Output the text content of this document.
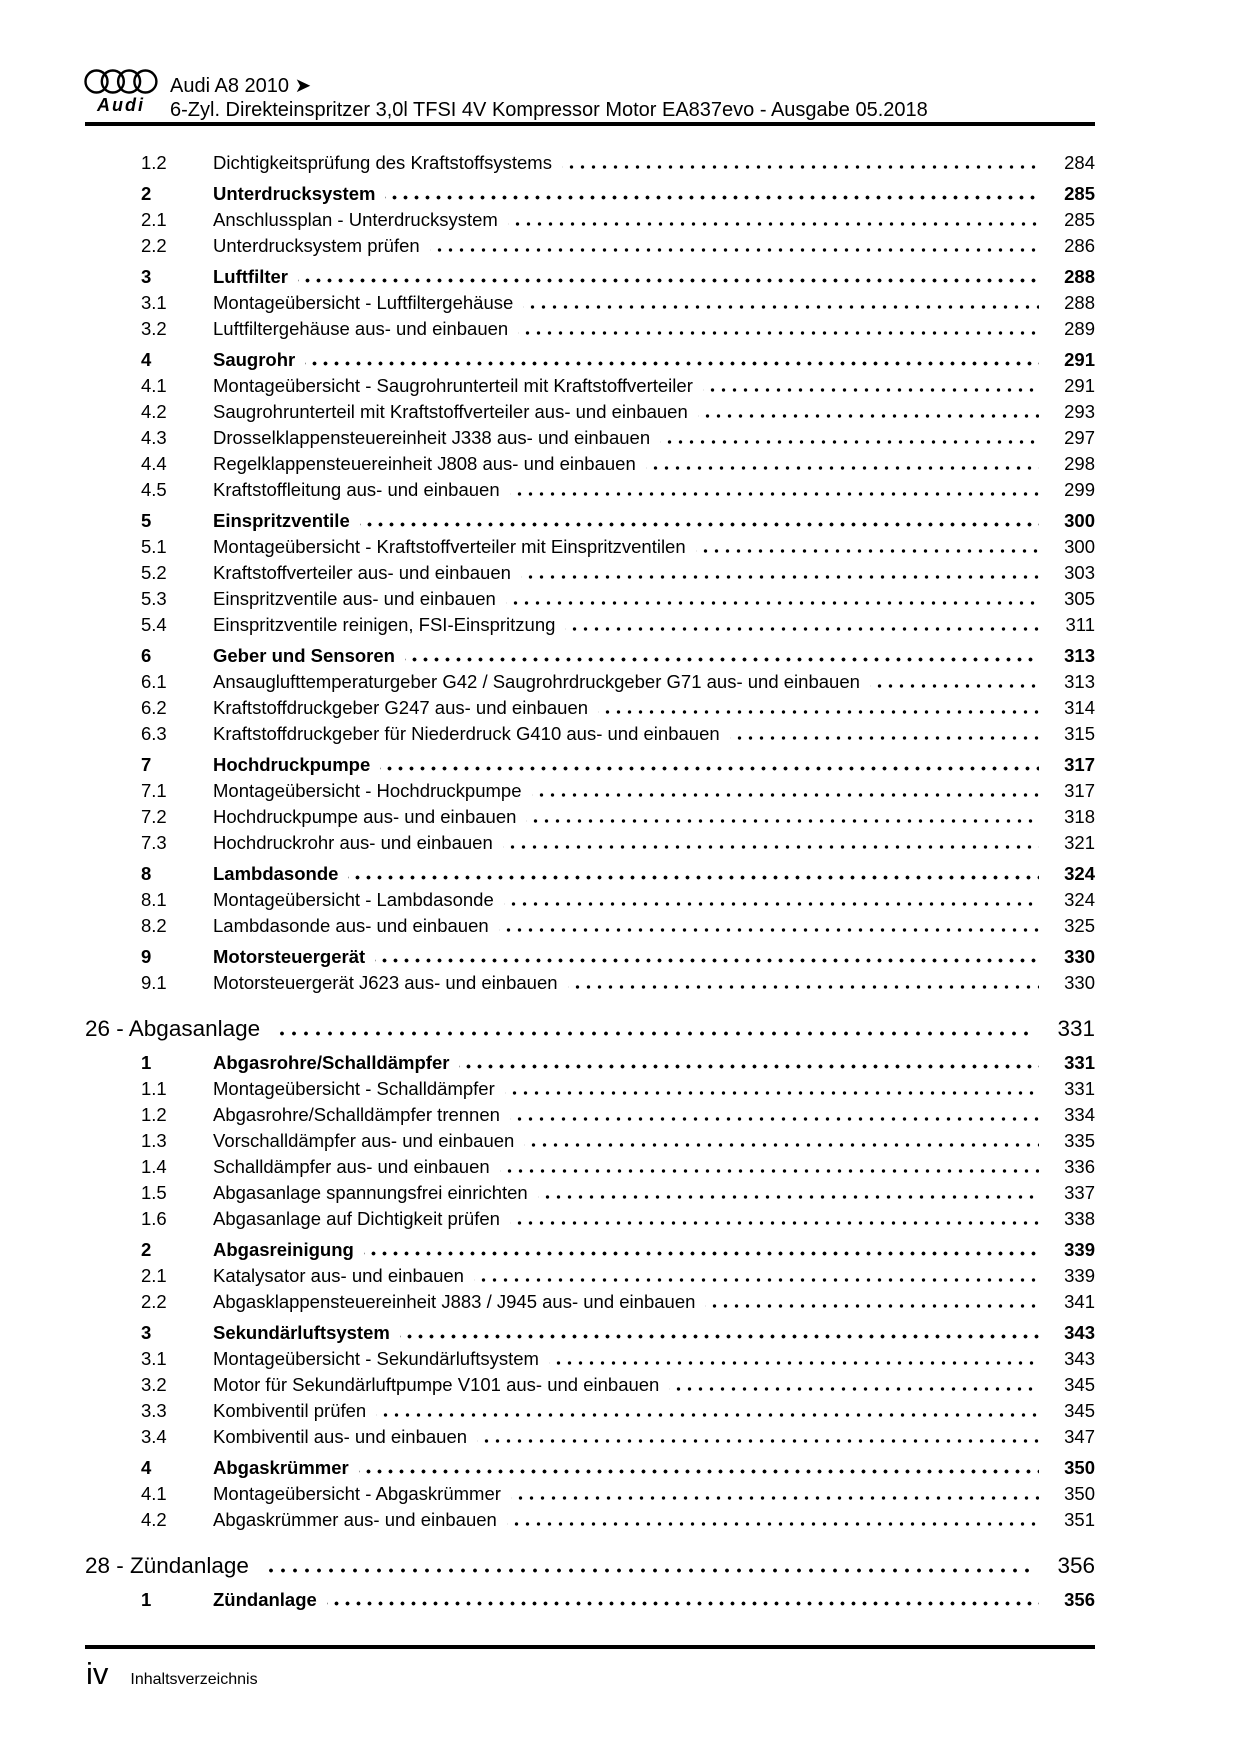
Audi
Audi A8 2010 ➤
6-Zyl. Direkteinspritzer 3,0l TFSI 4V Kompressor Motor EA837evo - Ausgabe 05.2018
1.2	Dichtigkeitsprüfung des Kraftstoffsystems	284
2	Unterdrucksystem	285
2.1	Anschlussplan - Unterdrucksystem	285
2.2	Unterdrucksystem prüfen	286
3	Luftfilter	288
3.1	Montageübersicht - Luftfiltergehäuse	288
3.2	Luftfiltergehäuse aus- und einbauen	289
4	Saugrohr	291
4.1	Montageübersicht - Saugrohrunterteil mit Kraftstoffverteiler	291
4.2	Saugrohrunterteil mit Kraftstoffverteiler aus- und einbauen	293
4.3	Drosselklappensteuereinheit J338 aus- und einbauen	297
4.4	Regelklappensteuereinheit J808 aus- und einbauen	298
4.5	Kraftstoffleitung aus- und einbauen	299
5	Einspritzventile	300
5.1	Montageübersicht - Kraftstoffverteiler mit Einspritzventilen	300
5.2	Kraftstoffverteiler aus- und einbauen	303
5.3	Einspritzventile aus- und einbauen	305
5.4	Einspritzventile reinigen, FSI-Einspritzung	311
6	Geber und Sensoren	313
6.1	Ansauglufttemperaturgeber G42 / Saugrohrdruckgeber G71 aus- und einbauen	313
6.2	Kraftstoffdruckgeber G247 aus- und einbauen	314
6.3	Kraftstoffdruckgeber für Niederdruck G410 aus- und einbauen	315
7	Hochdruckpumpe	317
7.1	Montageübersicht - Hochdruckpumpe	317
7.2	Hochdruckpumpe aus- und einbauen	318
7.3	Hochdruckrohr aus- und einbauen	321
8	Lambdasonde	324
8.1	Montageübersicht - Lambdasonde	324
8.2	Lambdasonde aus- und einbauen	325
9	Motorsteuergerät	330
9.1	Motorsteuergerät J623 aus- und einbauen	330
26 - Abgasanlage	331
1	Abgasrohre/Schalldämpfer	331
1.1	Montageübersicht - Schalldämpfer	331
1.2	Abgasrohre/Schalldämpfer trennen	334
1.3	Vorschalldämpfer aus- und einbauen	335
1.4	Schalldämpfer aus- und einbauen	336
1.5	Abgasanlage spannungsfrei einrichten	337
1.6	Abgasanlage auf Dichtigkeit prüfen	338
2	Abgasreinigung	339
2.1	Katalysator aus- und einbauen	339
2.2	Abgasklappensteuereinheit J883 / J945 aus- und einbauen	341
3	Sekundärluftsystem	343
3.1	Montageübersicht - Sekundärluftsystem	343
3.2	Motor für Sekundärluftpumpe V101 aus- und einbauen	345
3.3	Kombiventil prüfen	345
3.4	Kombiventil aus- und einbauen	347
4	Abgaskrümmer	350
4.1	Montageübersicht - Abgaskrümmer	350
4.2	Abgaskrümmer aus- und einbauen	351
28 - Zündanlage	356
1	Zündanlage	356
iv Inhaltsverzeichnis
